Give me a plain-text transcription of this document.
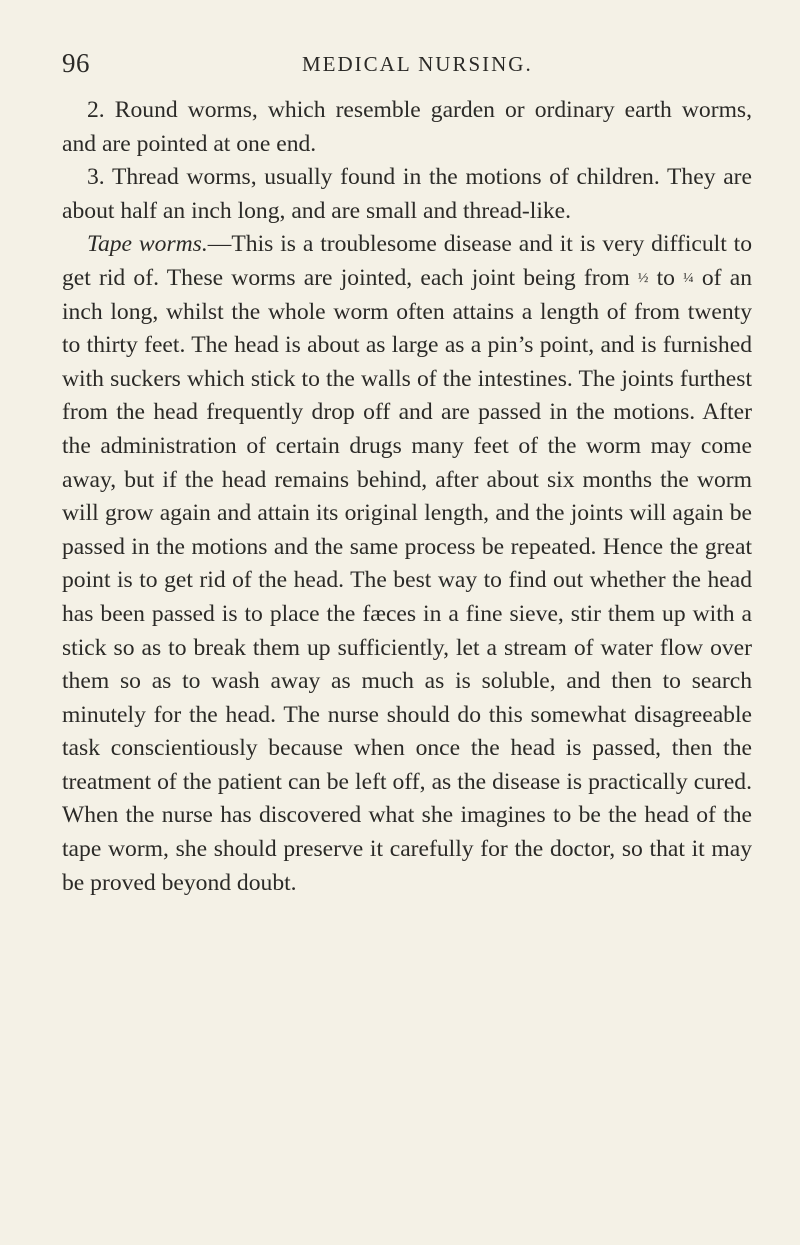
96	MEDICAL NURSING.

2. Round worms, which resemble garden or ordinary earth worms, and are pointed at one end.

3. Thread worms, usually found in the motions of children. They are about half an inch long, and are small and thread-like.

Tape worms.—This is a troublesome disease and it is very difficult to get rid of. These worms are jointed, each joint being from ½ to ¼ of an inch long, whilst the whole worm often attains a length of from twenty to thirty feet. The head is about as large as a pin’s point, and is furnished with suckers which stick to the walls of the intestines. The joints furthest from the head frequently drop off and are passed in the motions. After the administration of certain drugs many feet of the worm may come away, but if the head remains behind, after about six months the worm will grow again and attain its original length, and the joints will again be passed in the motions and the same process be repeated. Hence the great point is to get rid of the head. The best way to find out whether the head has been passed is to place the fæces in a fine sieve, stir them up with a stick so as to break them up sufficiently, let a stream of water flow over them so as to wash away as much as is soluble, and then to search minutely for the head. The nurse should do this somewhat disagreeable task conscientiously because when once the head is passed, then the treatment of the patient can be left off, as the disease is practically cured. When the nurse has discovered what she imagines to be the head of the tape worm, she should preserve it carefully for the doctor, so that it may be proved beyond doubt.
